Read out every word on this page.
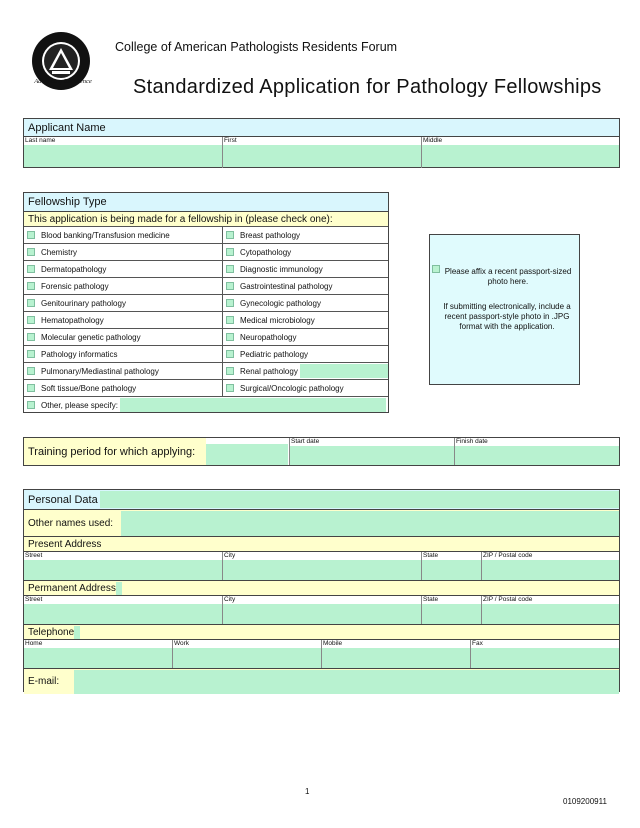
Advancing Excellence
College of American Pathologists Residents Forum
Standardized Application for Pathology Fellowships
Applicant Name
Last name	First	Middle
Fellowship Type
This application is being made for a fellowship in (please check one):
Blood banking/Transfusion medicine	Breast pathology
Chemistry	Cytopathology
Dermatopathology	Diagnostic immunology
Forensic pathology	Gastrointestinal pathology
Genitourinary pathology	Gynecologic pathology
Hematopathology	Medical microbiology
Molecular genetic pathology	Neuropathology
Pathology informatics	Pediatric pathology
Pulmonary/Mediastinal pathology	Renal pathology
Soft tissue/Bone pathology	Surgical/Oncologic pathology
Other, please specify:
Please affix a recent passport-sized photo here.
If submitting electronically, include a recent passport-style photo in .JPG format with the application.
Training period for which applying:
Start date	Finish date
Personal Data
Other names used:
Present Address
Street	City	State	ZIP / Postal code
Permanent Address
Street	City	State	ZIP / Postal code
Telephone
Home	Work	Mobile	Fax
E-mail:
1
0109200911
